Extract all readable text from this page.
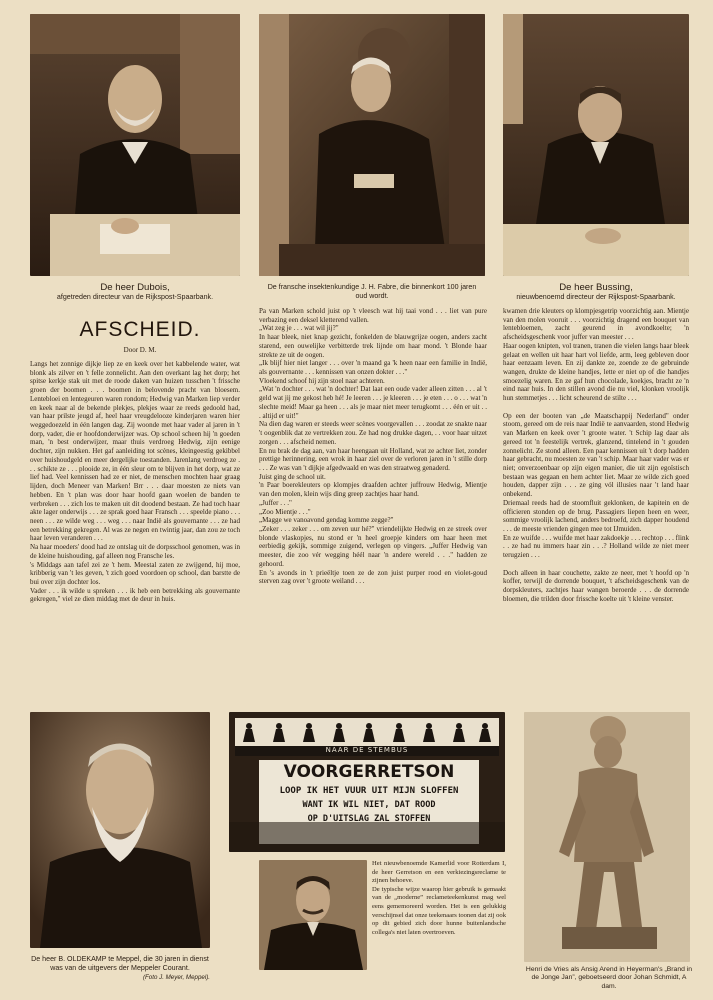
De heer Dubois,
afgetreden directeur van de Rijkspost-Spaarbank.
De fransche insektenkundige J. H. Fabre, die binnenkort 100 jaren oud wordt.
De heer Bussing,
nieuwbenoemd directeur der Rijkspost-Spaarbank.
AFSCHEID.
Door D. M.
Langs het zonnige dijkje liep ze en keek over het kabbelende water, wat blonk als zilver en 't felle zonnelicht. Aan den overkant lag het dorp; het spitse kerkje stak uit met de roode daken van huizen tusschen 't frissche groen der boomen . . . boomen in belovende pracht van bloesem. Lentebloei en lentegeuren waren rondom; Hedwig van Marken liep verder en keek naar al de bekende plekjes, plekjes waar ze reeds gedoold had, van haar prilste jeugd af, heel haar vreugdelooze kinderjaren waren hier weggedoezeld in één langen dag. Zij woonde met haar vader al jaren in 't dorp, vader, die er hoofdonderwijzer was. Op school scheen hij 'n goeden man, 'n best onderwijzer, maar thuis verdroeg Hedwig, zijn eenige dochter, zijn nukken. Het gaf aanleiding tot scènes, kleingeestig gekibbel over huishoudgeld en meer dergelijke toestanden. Jarenlang verdroeg ze . . . schikte ze . . . plooide ze, in één sleur om te blijven in het dorp, wat ze lief had. Veel kennissen had ze er niet, de menschen mochten haar graag lijden, doch Meneer van Marken! Brr . . . daar moesten ze niets van hebben. En 't plan was door haar hoofd gaan woelen de banden te verbreken . . . zich los te maken uit dit doodend bestaan. Ze had toch haar akte lager onderwijs . . . ze sprak goed haar Fransch . . . speelde piano . . . neen . . . ze wilde weg . . . weg . . . naar Indië als gouvernante . . . ze had een betrekking gekregen. Al was ze negen en twintig jaar, dan zou ze toch haar leven veranderen . . .
Na haar moeders' dood had ze ontslag uit de dorpsschool genomen, was in de kleine huishouding, gaf alleen nog Fransche les.
's Middags aan tafel zei ze 't hem. Meestal zaten ze zwijgend, hij moe, kribberig van 't les geven, 't zich goed voordoen op school, dan barstte de bui over zijn dochter los.
Vader . . . ik wilde u spreken . . . ik heb een betrekking als gouvernante gekregen," viel ze dien middag met de deur in huis.
Pa van Marken schold juist op 't vleesch wat hij taai vond . . . liet van pure verbazing een deksel kletterend vallen.
„Wat zeg je . . . wat wil jij?"
In haar bleek, niet knap gezicht, fonkelden de blauwgrijze oogen, anders zacht starend, een ouwelijke verbitterde trek lijnde om haar mond. 't Blonde haar strekte ze uit de oogen.
„Ik blijf hier niet langer . . . over 'n maand ga 'k heen naar een familie in Indië, als gouvernante . . . kennissen van onzen dokter . . ."
Vloekend schoof hij zijn stoel naar achteren.
„Wat 'n dochter . . . wat 'n dochter! Dat laat een oude vader alleen zitten . . . al 't geld wat jij me gekost heb hé! Je leeren . . . je kleeren . . . je eten . . . o . . . wat 'n slechte meid! Maar ga heen . . . als je maar niet meer terugkomt . . . één er uit . . . altijd er uit!"
Na dien dag waren er steeds weer scènes voorgevallen . . . zoodat ze snakte naar 't oogenblik dat ze vertrekken zou. Ze had nog drukke dagen, . . voor haar uitzet zorgen . . . afscheid nemen.
En nu brak de dag aan, van haar heengaan uit Holland, wat ze achter liet, zonder prettige herinnering, een wrok in haar ziel over de verloren jaren in 't stille dorp . . . Ze was van 't dijkje afgedwaald en was den straatweg genaderd.
Juist ging de school uit.
'n Paar boerekleuters op klompjes draafden achter juffrouw Hedwig, Mientje van den molen, klein wijs ding greep zachtjes haar hand.
„Juffer . . ."
„Zoo Mientje . . ."
„Magge we vanoavond gendag komme zegge?"
„Zeker . . . zeker . . . om zeven uur hé?" vriendelijkte Hedwig en ze streek over blonde vlaskopjes, nu stond er 'n heel groepje kinders om haar heen met eerbiedig gekijk, sommige zuigend, verlegen op vingers. „Juffer Hedwig van meester, die zoo vér wegging héél naar 'n andere wereld . . ." hadden ze gehoord.
En 's avonds in 't prieëltje toen ze de zon juist purper rood en violet-goud sterven zag over 't groote weiland . . .
kwamen drie kleuters op klompjesgetrip voorzichtig aan. Mientje van den molen vooruit . . . voorzichtig dragend een bouquet van lentebloemen, zacht geurend in avondkoelte; 'n afscheidsgeschenk voor juffer van meester . . .
Haar oogen knipten, vol tranen, tranen die vielen langs haar bleek gelaat en wellen uit haar hart vol liefde, arm, leeg gebleven door haar eenzaam leven. En zij dankte ze, zoende ze de gebruinde wangen, drukte de kleine handjes, lette er niet op of die handjes smoezelig waren. En ze gaf hun chocolade, koekjes, bracht ze 'n eind naar huis. In den stillen avond die nu viel, klonken vroolijk hun stemmetjes . . . licht scheurend de stilte . . .

Op een der booten van „de Maatschappij Nederland" onder stoom, gereed om de reis naar Indië te aanvaarden, stond Hedwig van Marken en keek over 't groote water. 't Schip lag daar als gereed tot 'n feestelijk vertrek, glanzend, tintelend in 't gouden zonnelicht. Ze stond alleen. Een paar kennissen uit 't dorp hadden haar gebracht, nu moesten ze van 't schip. Maar haar vader was er niet; onverzoenbaar op zijn eigen manier, die uit zijn egoïstisch bestaan was gegaan en hem achter liet. Maar ze wilde zich goed houden, dapper zijn . . . ze ging vól illusies naar 't land haar onbekend.
Driemaal reeds had de stoomfluit geklonken, de kapitein en de officieren stonden op de brug. Passagiers liepen heen en weer, sommige vroolijk lachend, anders bedroefd, zich dapper houdend . . . de meeste vrienden gingen mee tot IJmuiden.
En ze wuifde . . . wuifde met haar zakdoekje . . . rechtop . . . flink . . ze had nu immers haar zin . . .? Holland wilde ze niet meer terugzien . . .

Doch alleen in haar couchette, zakte ze neer, met 't hoofd op 'n koffer, terwijl de dorrende bouquet, 't afscheidsgeschenk van de dorpskleuters, zachtjes haar wangen beroerde . . . de dorrende bloemen, die trilden door frissche koelte uit 't kleine venster.
De heer B. OLDEKAMP te Meppel, die 30 jaren in dienst was van de uitgevers der Meppeler Courant.
(Foto J. Meyer, Meppel).
NAAR DE STEMBUS
VOORGERRETSON
LOOP IK HET VUUR UIT MIJN SLOFFEN
WANT IK WIL NIET, DAT ROOD
OP D'UITSLAG ZAL STOFFEN
Het nieuwbenoemde Kamerlid voor Rotterdam I, de heer Gerretson en een verkiezingsreclame te zijnen behoeve.
De typische wijze waarop hier gebruik is gemaakt van de „moderne” reclameteekenkunst mag wel eens gememoreerd worden. Het is een gelukkig verschijnsel dat onze teekenaars toonen dat zij ook op dit gebied zich door hunne buitenlandsche collega's niet laten overtroeven.
Henri de Vries als Ansig Arend in Heyerman's „Brand in de Jonge Jan”, geboetseerd door Johan Schmidt, A dam.
